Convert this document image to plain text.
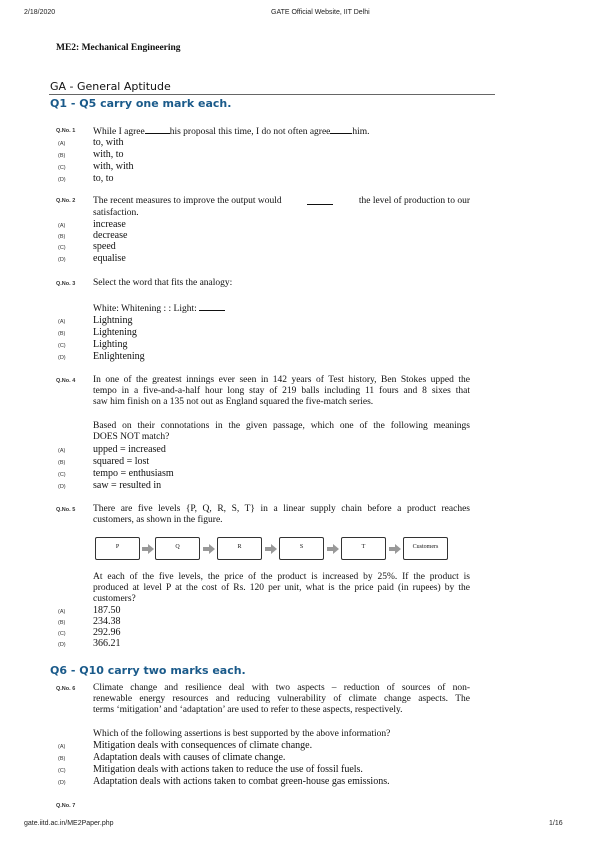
2/18/2020	GATE Official Website, IIT Delhi
gate.iitd.ac.in/ME2Paper.php	1/16
ME2: Mechanical Engineering
GA - General Aptitude
Q1 - Q5 carry one mark each.
Q.No. 1 While I agree	his proposal this time, I do not often agree him.
(A)
(B)
(C)
(D)
to, with
with, to
with, with
to, to
Q.No. 2 The recent measures to improve the output would	the level of production to our
satisfaction.
(A)
(B)
(C)
(D)
increase
decrease
speed
equalise
Q.No. 3 Select the word that fits the analogy:
White: Whitening : : Light:
(A)
(B)
(C)
(D)
Lightning
Lightening
Lighting
Enlightening
Q.No. 4 In one of the greatest innings ever seen in 142 years of Test history, Ben Stokes upped the
tempo in a five-and-a-half hour long stay of 219 balls including 11 fours and 8 sixes that
saw him finish on a 135 not out as England squared the five-match series.
Based on their connotations in the given passage, which one of the following meanings
DOES NOT match?
(A)
(B)
(C)
(D)
upped = increased
squared = lost
tempo = enthusiasm
saw = resulted in
Q.No. 5 There are five levels {P, Q, R, S, T} in a linear supply chain before a product reaches
customers, as shown in the figure.
P	Q	R	S	T	Customers
At each of the five levels, the price of the product is increased by 25%. If the product is
produced at level P at the cost of Rs. 120 per unit, what is the price paid (in rupees) by the
customers?
(A)
(B)
(C)
(D)
187.50
234.38
292.96
366.21
Q6 - Q10 carry two marks each.
Q.No. 6 Climate change and resilience deal with two aspects – reduction of sources of non-
renewable energy resources and reducing vulnerability of climate change aspects. The
terms ‘mitigation’ and ‘adaptation’ are used to refer to these aspects, respectively.
Which of the following assertions is best supported by the above information?
(A)
(B)
(C)
(D)
Mitigation deals with consequences of climate change.
Adaptation deals with causes of climate change.
Mitigation deals with actions taken to reduce the use of fossil fuels.
Adaptation deals with actions taken to combat green-house gas emissions.
Q.No. 7
